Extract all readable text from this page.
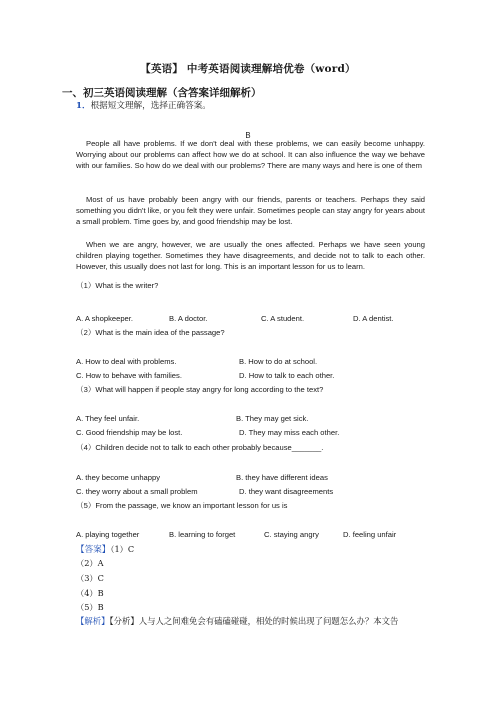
【英语】 中考英语阅读理解培优卷（word）
一、初三英语阅读理解（含答案详细解析）
1．根据短文理解，选择正确答案。
B
People all have problems. If we don't deal with these problems, we can easily become unhappy. Worrying about our problems can affect how we do at school. It can also influence the way we behave with our families. So how do we deal with our problems? There are many ways and here is one of them
Most of us have probably been angry with our friends, parents or teachers. Perhaps they said something you didn't like, or you felt they were unfair. Sometimes people can stay angry for years about a small problem. Time goes by, and good friendship may be lost.
When we are angry, however, we are usually the ones affected. Perhaps we have seen young children playing together. Sometimes they have disagreements, and decide not to talk to each other. However, this usually does not last for long. This is an important lesson for us to learn.
（1）What is the writer?
A. A shopkeeper.	B. A doctor.	C. A student.	D. A dentist.
（2）What is the main idea of the passage?
A. How to deal with problems.	B. How to do at school.
C. How to behave with families.	D. How to talk to each other.
（3）What will happen if people stay angry for long according to the text?
A. They feel unfair.	B. They may get sick.
C. Good friendship may be lost.	D. They may miss each other.
（4）Children decide not to talk to each other probably because_______.
A. they become unhappy	B. they have different ideas
C. they worry about a small problem	D. they want disagreements
（5）From the passage, we know an important lesson for us is
A. playing together	B. learning to forget	C. staying angry	D. feeling unfair
【答案】（1）C
（2）A
（3）C
（4）B
（5）B
【解析】【分析】人与人之间难免会有磕磕碰碰，相处的时候出现了问题怎么办？本文告
